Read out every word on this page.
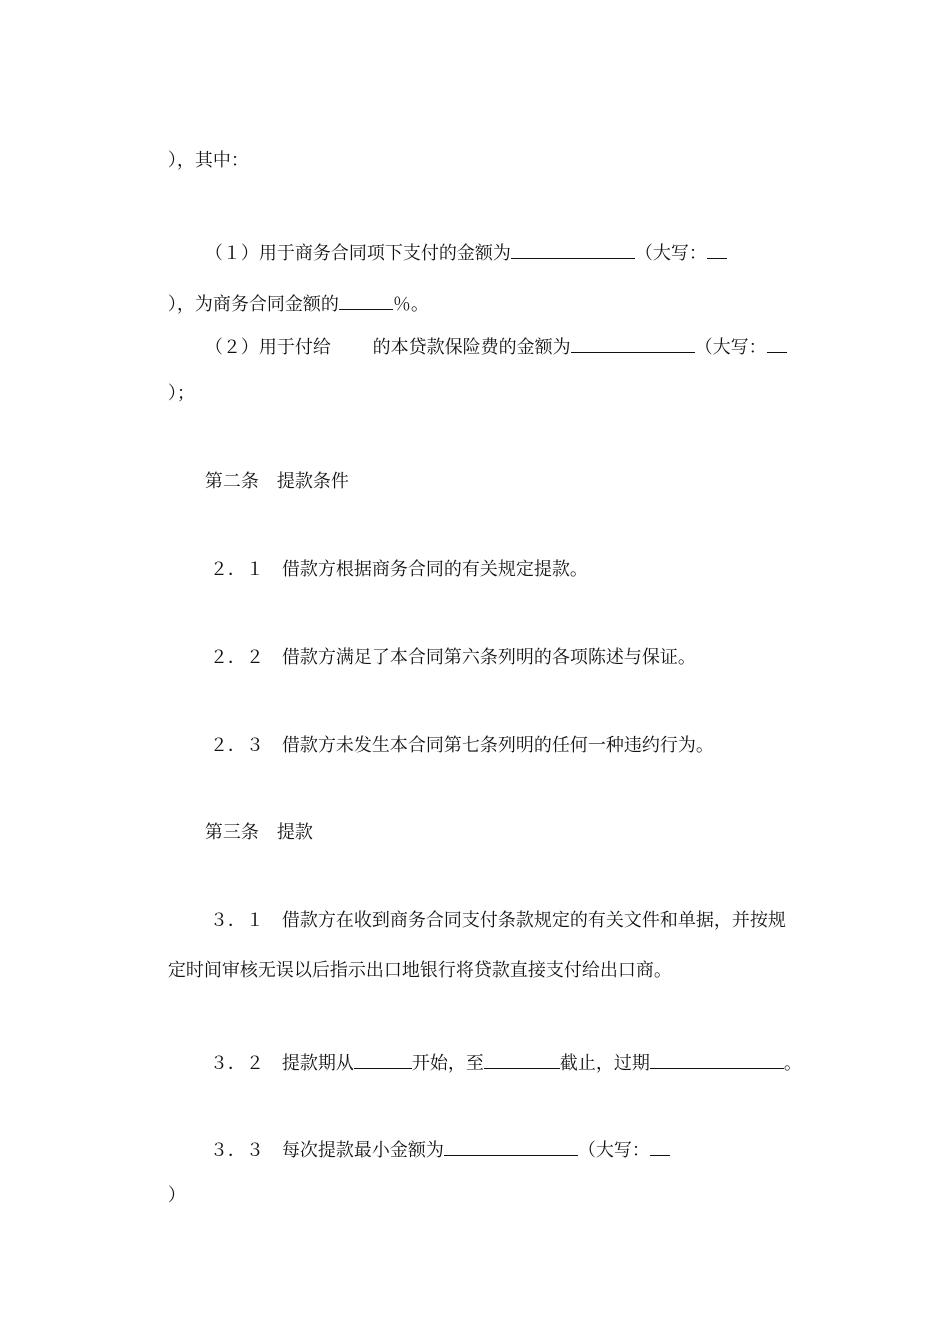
），其中：

（１）用于商务合同项下支付的金额为	（大写：

），为商务合同金额的	％。

（２）用于付给　　 的本贷款保险费的金额为	（大写：

）；

第二条　提款条件

２．１　借款方根据商务合同的有关规定提款。

２．２　借款方满足了本合同第六条列明的各项陈述与保证。

２．３　借款方未发生本合同第七条列明的任何一种违约行为。

第三条　提款

３．１　借款方在收到商务合同支付条款规定的有关文件和单据，并按规

定时间审核无误以后指示出口地银行将贷款直接支付给出口商。

３．２　提款期从	开始，至	截止，过期	。

３．３　每次提款最小金额为	（大写：

）
